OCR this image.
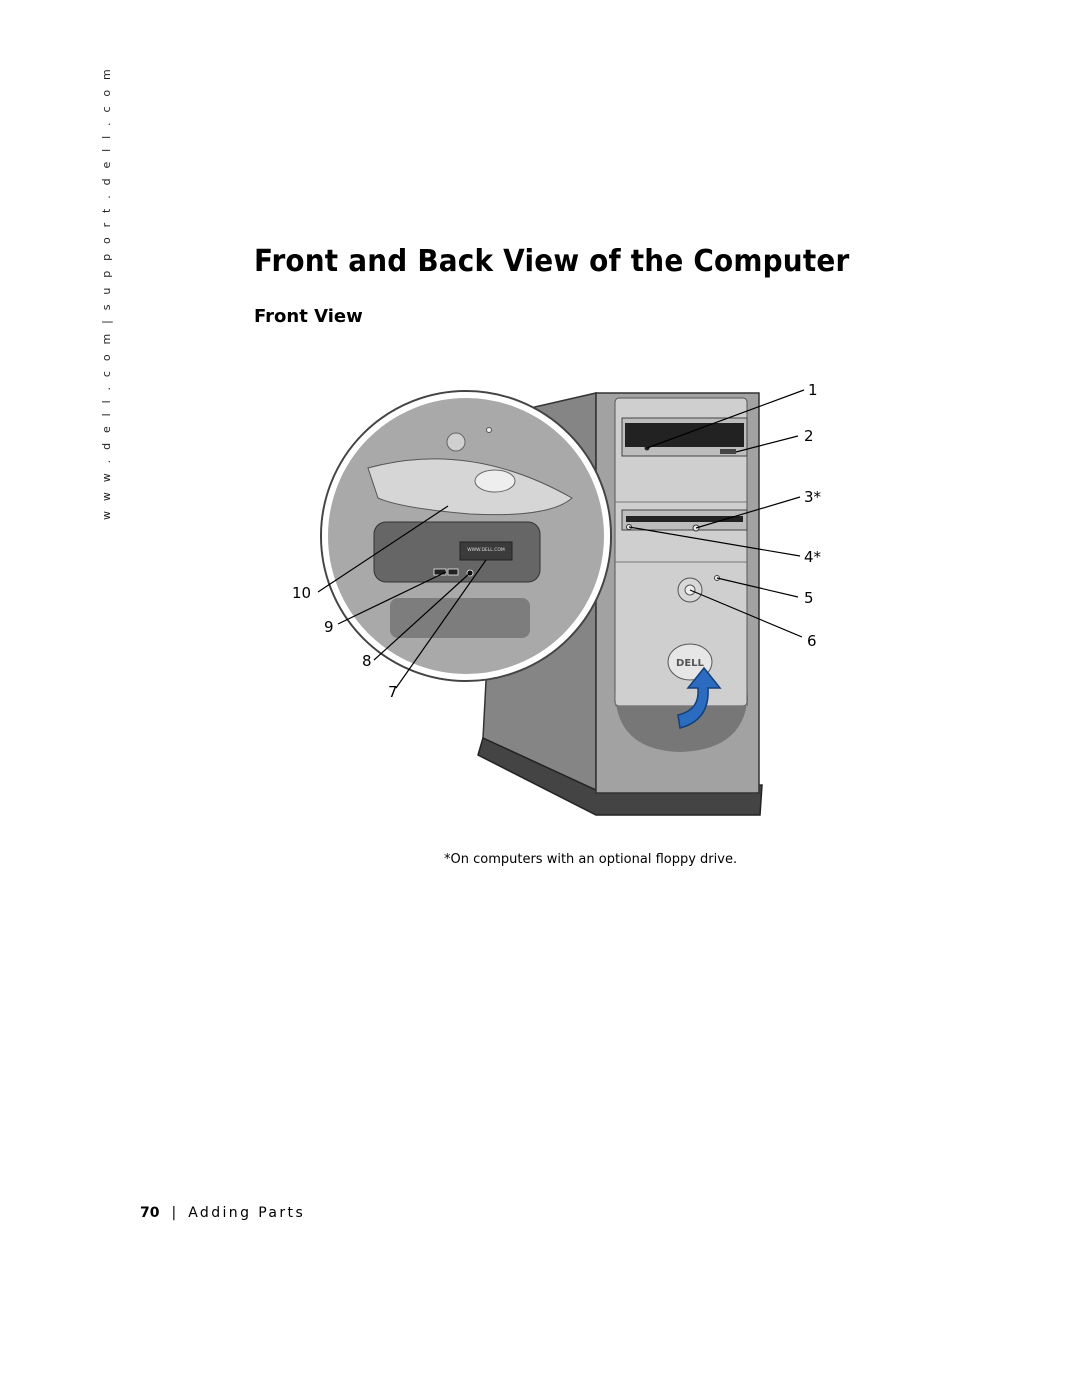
w w w . d e l l . c o m | s u p p o r t . d e l l . c o m	Front and Back View of the Computer
Front View
DELL
WWW.DELL.COM
1
2
3*
4*
5
6
7
8
9
10
*On computers with an optional floppy drive.
70 | Adding Parts
